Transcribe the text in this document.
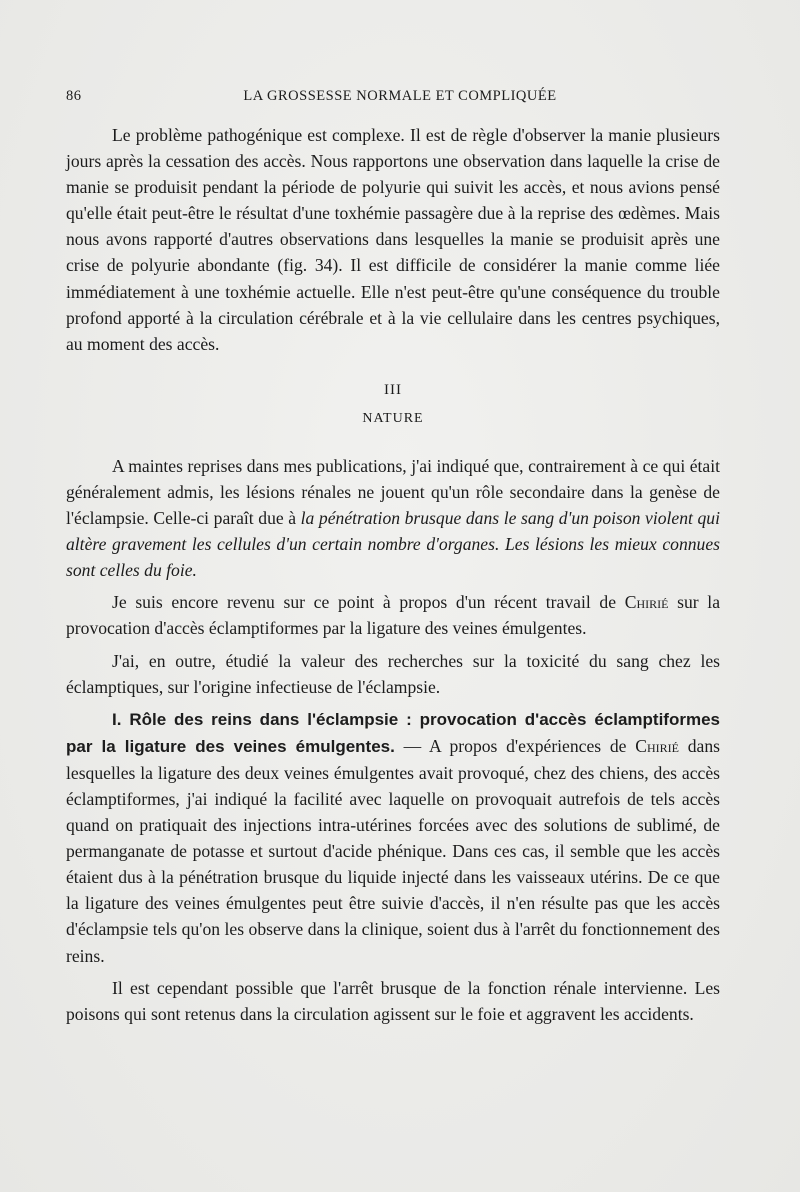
86	LA GROSSESSE NORMALE ET COMPLIQUÉE

Le problème pathogénique est complexe. Il est de règle d'observer la manie plusieurs jours après la cessation des accès. Nous rapportons une observation dans laquelle la crise de manie se produisit pendant la période de polyurie qui suivit les accès, et nous avions pensé qu'elle était peut-être le résultat d'une toxhémie passagère due à la reprise des œdèmes. Mais nous avons rapporté d'autres observations dans lesquelles la manie se produisit après une crise de polyurie abondante (fig. 34). Il est difficile de considérer la manie comme liée immédiatement à une toxhémie actuelle. Elle n'est peut-être qu'une conséquence du trouble profond apporté à la circulation cérébrale et à la vie cellulaire dans les centres psychiques, au moment des accès.

III
NATURE

A maintes reprises dans mes publications, j'ai indiqué que, contrairement à ce qui était généralement admis, les lésions rénales ne jouent qu'un rôle secondaire dans la genèse de l'éclampsie. Celle-ci paraît due à la pénétration brusque dans le sang d'un poison violent qui altère gravement les cellules d'un certain nombre d'organes. Les lésions les mieux connues sont celles du foie.

Je suis encore revenu sur ce point à propos d'un récent travail de Chirié sur la provocation d'accès éclamptiformes par la ligature des veines émulgentes.

J'ai, en outre, étudié la valeur des recherches sur la toxicité du sang chez les éclamptiques, sur l'origine infectieuse de l'éclampsie.

I. Rôle des reins dans l'éclampsie : provocation d'accès éclamptiformes par la ligature des veines émulgentes. — A propos d'expériences de Chirié dans lesquelles la ligature des deux veines émulgentes avait provoqué, chez des chiens, des accès éclamptiformes, j'ai indiqué la facilité avec laquelle on provoquait autrefois de tels accès quand on pratiquait des injections intra-utérines forcées avec des solutions de sublimé, de permanganate de potasse et surtout d'acide phénique. Dans ces cas, il semble que les accès étaient dus à la pénétration brusque du liquide injecté dans les vaisseaux utérins. De ce que la ligature des veines émulgentes peut être suivie d'accès, il n'en résulte pas que les accès d'éclampsie tels qu'on les observe dans la clinique, soient dus à l'arrêt du fonctionnement des reins.

Il est cependant possible que l'arrêt brusque de la fonction rénale intervienne. Les poisons qui sont retenus dans la circulation agissent sur le foie et aggravent les accidents.
